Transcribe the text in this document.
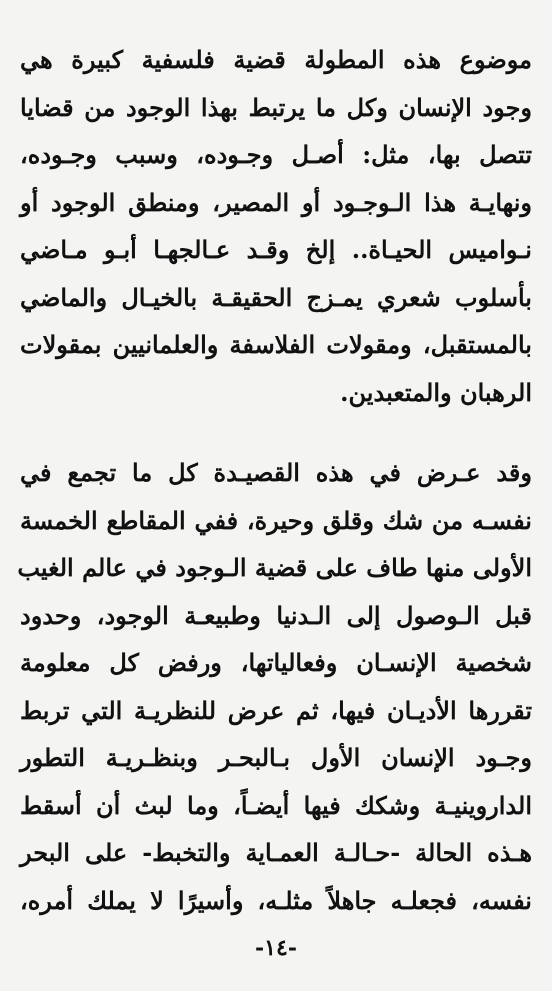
موضوع هذه المطولة قضية فلسفية كبيرة هي
وجود الإنسان وكل ما يرتبط بهذا الوجود من قضايا
تتصل بها، مثل: أصـل وجـوده، وسبب وجـوده،
ونهايـة هذا الـوجـود أو المصير، ومنطق الوجود أو
نـواميس الحيـاة.. إلخ وقـد عـالجهـا أبـو مـاضي
بأسلوب شعري يمـزج الحقيقـة بالخيـال والماضي
بالمستقبل، ومقولات الفلاسفة والعلمانيين بمقولات
الرهبان والمتعبدين.
وقد عـرض في هذه القصيـدة كل ما تجمع في
نفسـه من شك وقلق وحيرة، ففي المقاطع الخمسة
الأولى منها طاف على قضية الـوجود في عالم الغيب
قبل الـوصول إلى الـدنيا وطبيعـة الوجود، وحدود
شخصية الإنسـان وفعالياتها، ورفض كل معلومة
تقررها الأديـان فيها، ثم عرض للنظريـة التي تربط
وجـود الإنسان الأول بـالبحـر وبنظـريـة التطور
الداروينيـة وشكك فيها أيضـاً، وما لبث أن أسقط
هـذه الحالة -حـالـة العمـاية والتخبط- على البحر
نفسه، فجعلـه جاهلاً مثلـه، وأسيرًا لا يملك أمره،
-١٤-
